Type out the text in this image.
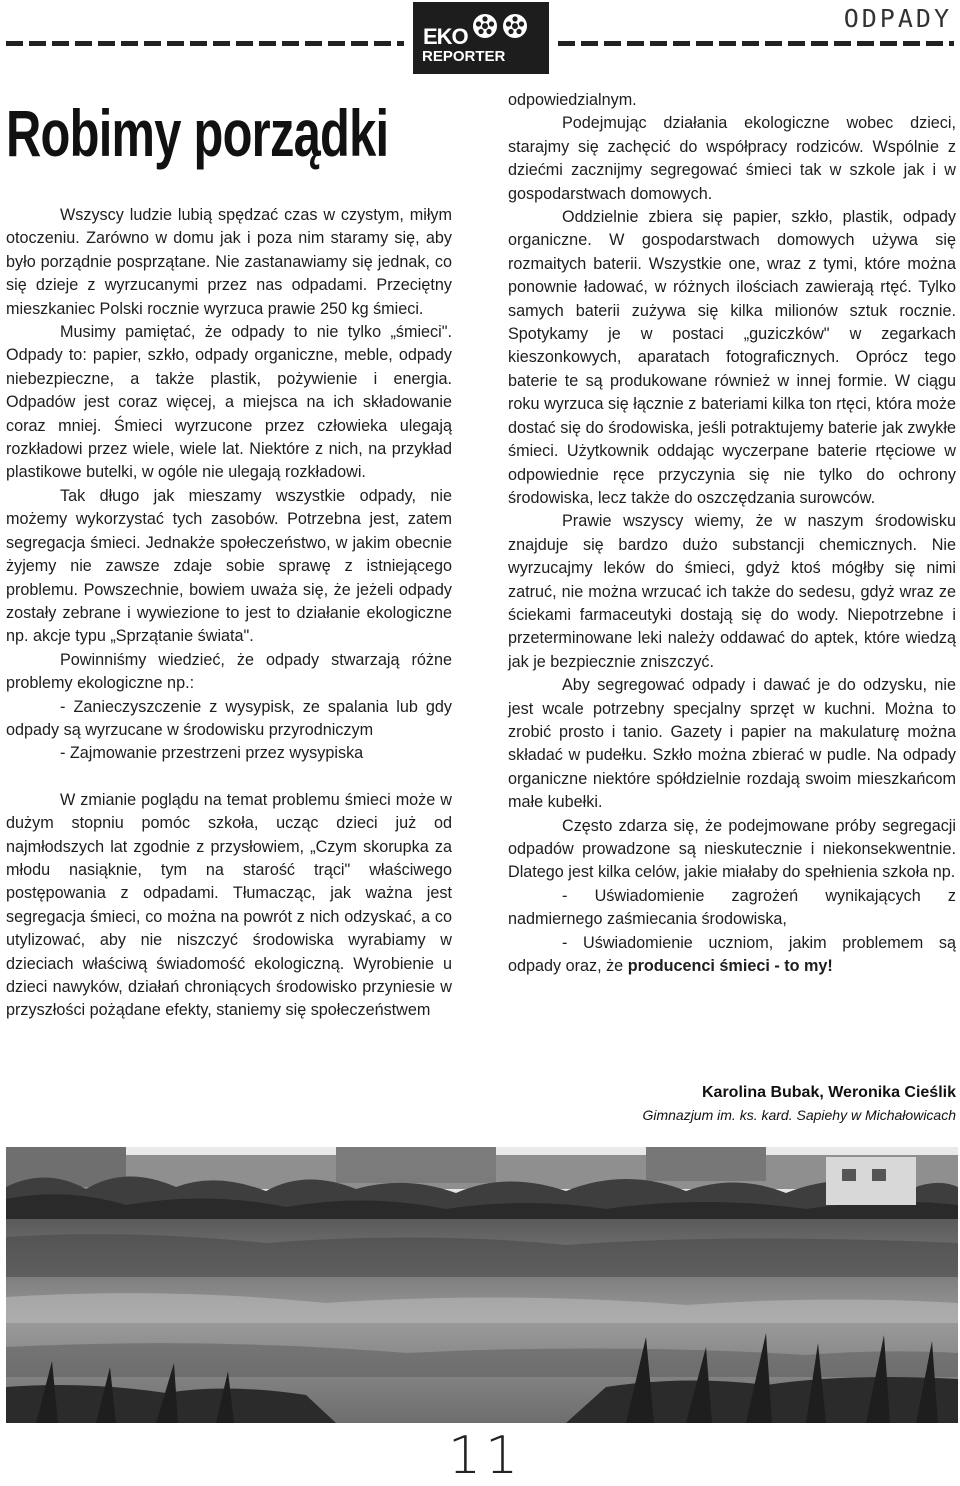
EKO
REPORTER
ODPADY
Robimy porządki

Wszyscy ludzie lubią spędzać czas w czystym, miłym otoczeniu. Zarówno w domu jak i poza nim staramy się, aby było porządnie posprzątane. Nie zastanawiamy się jednak, co się dzieje z wyrzucanymi przez nas odpadami. Przeciętny mieszkaniec Polski rocznie wyrzuca prawie 250 kg śmieci.

Musimy pamiętać, że odpady to nie tylko „śmieci". Odpady to: papier, szkło, odpady organiczne, meble, odpady niebezpieczne, a także plastik, pożywienie i energia. Odpadów jest coraz więcej, a miejsca na ich składowanie coraz mniej. Śmieci wyrzucone przez człowieka ulegają rozkładowi przez wiele, wiele lat. Niektóre z nich, na przykład plastikowe butelki, w ogóle nie ulegają rozkładowi.

Tak długo jak mieszamy wszystkie odpady, nie możemy wykorzystać tych zasobów. Potrzebna jest, zatem segregacja śmieci. Jednakże społeczeństwo, w jakim obecnie żyjemy nie zawsze zdaje sobie sprawę z istniejącego problemu. Powszechnie, bowiem uważa się, że jeżeli odpady zostały zebrane i wywiezione to jest to działanie ekologiczne np. akcje typu „Sprzątanie świata".

Powinniśmy wiedzieć, że odpady stwarzają różne problemy ekologiczne np.:

- Zanieczyszczenie z wysypisk, ze spalania lub gdy odpady są wyrzucane w środowisku przyrodniczym

- Zajmowanie przestrzeni przez wysypiska

W zmianie poglądu na temat problemu śmieci może w dużym stopniu pomóc szkoła, ucząc dzieci już od najmłodszych lat zgodnie z przysłowiem, „Czym skorupka za młodu nasiąknie, tym na starość trąci" właściwego postępowania z odpadami. Tłumacząc, jak ważna jest segregacja śmieci, co można na powrót z nich odzyskać, a co utylizować, aby nie niszczyć środowiska wyrabiamy w dzieciach właściwą świadomość ekologiczną. Wyrobienie u dzieci nawyków, działań chroniących środowisko przyniesie w przyszłości pożądane efekty, staniemy się społeczeństwem

odpowiedzialnym.

Podejmując działania ekologiczne wobec dzieci, starajmy się zachęcić do współpracy rodziców. Wspólnie z dziećmi zacznijmy segregować śmieci tak w szkole jak i w gospodarstwach domowych.

Oddzielnie zbiera się papier, szkło, plastik, odpady organiczne. W gospodarstwach domowych używa się rozmaitych baterii. Wszystkie one, wraz z tymi, które można ponownie ładować, w różnych ilościach zawierają rtęć. Tylko samych baterii zużywa się kilka milionów sztuk rocznie. Spotykamy je w postaci „guziczków" w zegarkach kieszonkowych, aparatach fotograficznych. Oprócz tego baterie te są produkowane również w innej formie. W ciągu roku wyrzuca się łącznie z bateriami kilka ton rtęci, która może dostać się do środowiska, jeśli potraktujemy baterie jak zwykłe śmieci. Użytkownik oddając wyczerpane baterie rtęciowe w odpowiednie ręce przyczynia się nie tylko do ochrony środowiska, lecz także do oszczędzania surowców.

Prawie wszyscy wiemy, że w naszym środowisku znajduje się bardzo dużo substancji chemicznych. Nie wyrzucajmy leków do śmieci, gdyż ktoś mógłby się nimi zatruć, nie można wrzucać ich także do sedesu, gdyż wraz ze ściekami farmaceutyki dostają się do wody. Niepotrzebne i przeterminowane leki należy oddawać do aptek, które wiedzą jak je bezpiecznie zniszczyć.

Aby segregować odpady i dawać je do odzysku, nie jest wcale potrzebny specjalny sprzęt w kuchni. Można to zrobić prosto i tanio. Gazety i papier na makulaturę można składać w pudełku. Szkło można zbierać w pudle. Na odpady organiczne niektóre spółdzielnie rozdają swoim mieszkańcom małe kubełki.

Często zdarza się, że podejmowane próby segregacji odpadów prowadzone są nieskutecznie i niekonsekwentnie. Dlatego jest kilka celów, jakie miałaby do spełnienia szkoła np.

- Uświadomienie zagrożeń wynikających z nadmiernego zaśmiecania środowiska,

- Uświadomienie uczniom, jakim problemem są odpady oraz, że producenci śmieci - to my!

Karolina Bubak, Weronika Cieślik
Gimnazjum im. ks. kard. Sapiehy w Michałowicach
11
